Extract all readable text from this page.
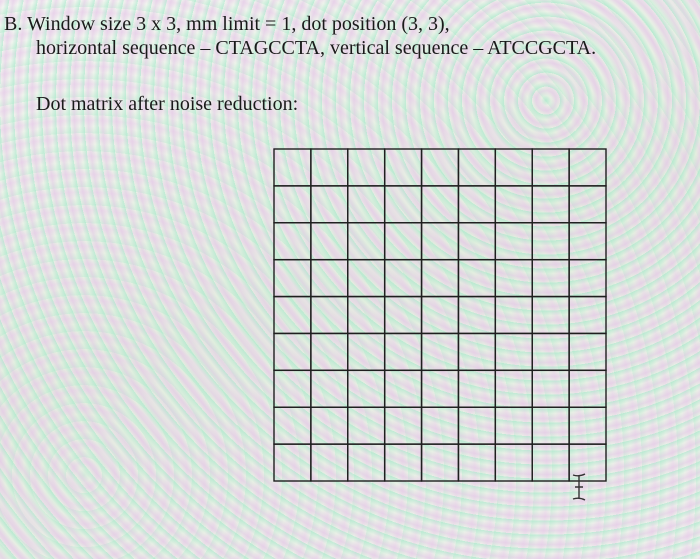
B. Window size 3 x 3, mm limit = 1, dot position (3, 3),
horizontal sequence – CTAGCCTA, vertical sequence – ATCCGCTA.
Dot matrix after noise reduction:
